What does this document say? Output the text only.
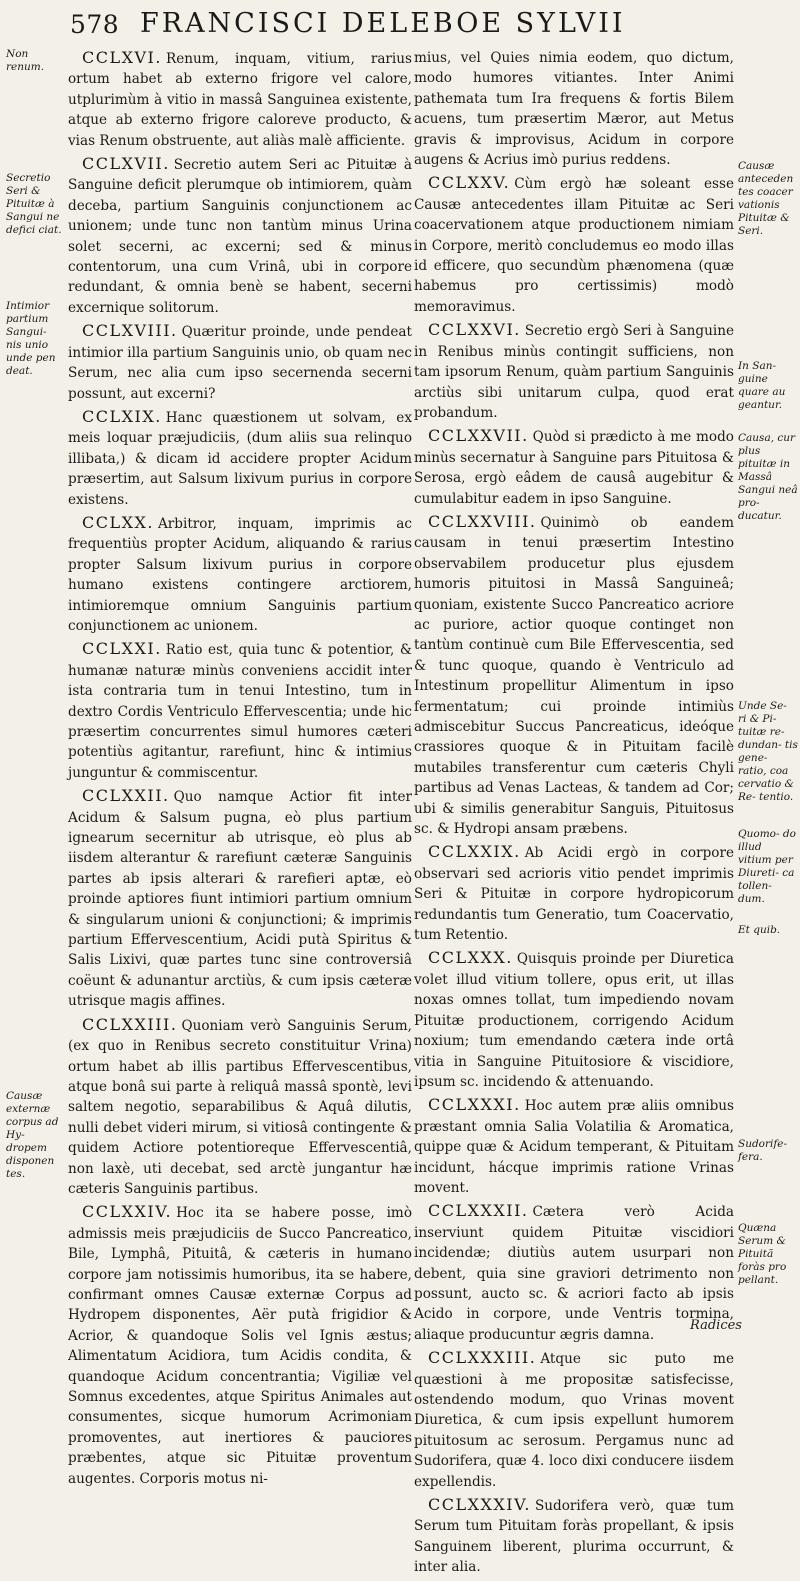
578 FRANCISCI DELEBOE SYLVII

CCLXVI. Renum, inquam, vitium, rarius ortum habet ab externo frigore vel calore, utplurimùm à vitio in massâ Sanguinea existente, atque ab externo frigore caloreve producto, & vias Renum obstruente, aut aliàs malè afficiente.

CCLXVII. Secretio autem Seri ac Pituitæ à Sanguine deficit plerumque ob intimiorem, quàm deceba, partium Sanguinis conjunctionem ac unionem; unde tunc non tantùm minus Urina solet secerni, ac excerni; sed & minus contentorum, una cum Vrinâ, ubi in corpore redundant, & omnia benè se habent, secerni excernique solitorum.

CCLXVIII. Quæritur proinde, unde pendeat intimior illa partium Sanguinis unio, ob quam nec Serum, nec alia cum ipso secernenda secerni possunt, aut excerni?

CCLXIX. Hanc quæstionem ut solvam, ex meis loquar præjudiciis, (dum aliis sua relinquo illibata,) & dicam id accidere propter Acidum præsertim, aut Salsum lixivum purius in corpore existens.

CCLXX. Arbitror, inquam, imprimis ac frequentiùs propter Acidum, aliquando & rarius propter Salsum lixivum purius in corpore humano existens contingere arctiorem, intimioremque omnium Sanguinis partium conjunctionem ac unionem.

CCLXXI. Ratio est, quia tunc & potentior, & humanæ naturæ minùs conveniens accidit inter ista contraria tum in tenui Intestino, tum in dextro Cordis Ventriculo Effervescentia; unde hic præsertim concurrentes simul humores cæteri potentiùs agitantur, rarefiunt, hinc & intimius junguntur & commiscentur.

CCLXXII. Quo namque Actior fit inter Acidum & Salsum pugna, eò plus partium ignearum secernitur ab utrisque, eò plus ab iisdem alterantur & rarefiunt cæteræ Sanguinis partes ab ipsis alterari & rarefieri aptæ, eò proinde aptiores fiunt intimiori partium omnium & singularum unioni & conjunctioni; & imprimis partium Effervescentium, Acidi putà Spiritus & Salis Lixivi, quæ partes tunc sine controversiâ coëunt & adunantur arctiùs, & cum ipsis cæteræ utrisque magis affines.

CCLXXIII. Quoniam verò Sanguinis Serum, (ex quo in Renibus secreto constituitur Vrina) ortum habet ab illis partibus Effervescentibus, atque bonâ sui parte à reliquâ massâ spontè, levi saltem negotio, separabilibus & Aquâ dilutis, nulli debet videri mirum, si vitiosâ contingente & quidem Actiore potentioreque Effervescentiâ, non laxè, uti decebat, sed arctè jungantur hæ cæteris Sanguinis partibus.

CCLXXIV. Hoc ita se habere posse, imò admissis meis præjudiciis de Succo Pancreatico, Bile, Lymphâ, Pituitâ, & cæteris in humano corpore jam notissimis humoribus, ita se habere, confirmant omnes Causæ externæ Corpus ad Hydropem disponentes, Aër putà frigidior & Acrior, & quandoque Solis vel Ignis æstus; Alimentatum Acidiora, tum Acidis condita, & quandoque Acidum concentrantia; Vigiliæ vel Somnus excedentes, atque Spiritus Animales aut consumentes, sicque humorum Acrimoniam promoventes, aut inertiores & pauciores præbentes, atque sic Pituitæ proventum augentes. Corporis motus ni-

mius, vel Quies nimia eodem, quo dictum, modo humores vitiantes. Inter Animi pathemata tum Ira frequens & fortis Bilem acuens, tum præsertim Mæror, aut Metus gravis & improvisus, Acidum in corpore augens & Acrius imò purius reddens.

CCLXXV. Cùm ergò hæ soleant esse Causæ antecedentes illam Pituitæ ac Seri coacervationem atque productionem nimiam in Corpore, meritò concludemus eo modo illas id efficere, quo secundùm phænomena (quæ habemus pro certissimis) modò memoravimus.

CCLXXVI. Secretio ergò Seri à Sanguine in Renibus minùs contingit sufficiens, non tam ipsorum Renum, quàm partium Sanguinis arctiùs sibi unitarum culpa, quod erat probandum.

CCLXXVII. Quòd si prædicto à me modo minùs secernatur à Sanguine pars Pituitosa & Serosa, ergò eâdem de causâ augebitur & cumulabitur eadem in ipso Sanguine.

CCLXXVIII. Quinimò ob eandem causam in tenui præsertim Intestino observabilem producetur plus ejusdem humoris pituitosi in Massâ Sanguineâ; quoniam, existente Succo Pancreatico acriore ac puriore, actior quoque continget non tantùm continuè cum Bile Effervescentia, sed & tunc quoque, quando è Ventriculo ad Intestinum propellitur Alimentum in ipso fermentatum; cui proinde intimiùs admiscebitur Succus Pancreaticus, ideóque crassiores quoque & in Pituitam facilè mutabiles transferentur cum cæteris Chyli partibus ad Venas Lacteas, & tandem ad Cor; ubi & similis generabitur Sanguis, Pituitosus sc. & Hydropi ansam præbens.

CCLXXIX. Ab Acidi ergò in corpore observari sed acrioris vitio pendet imprimis Seri & Pituitæ in corpore hydropicorum redundantis tum Generatio, tum Coacervatio, tum Retentio.

CCLXXX. Quisquis proinde per Diuretica volet illud vitium tollere, opus erit, ut illas noxas omnes tollat, tum impediendo novam Pituitæ productionem, corrigendo Acidum noxium; tum emendando cætera inde ortâ vitia in Sanguine Pituitosiore & viscidiore, ipsum sc. incidendo & attenuando.

CCLXXXI. Hoc autem præ aliis omnibus præstant omnia Salia Volatilia & Aromatica, quippe quæ & Acidum temperant, & Pituitam incidunt, hácque imprimis ratione Vrinas movent.

CCLXXXII. Cætera verò Acida inserviunt quidem Pituitæ viscidiori incidendæ; diutiùs autem usurpari non debent, quia sine graviori detrimento non possunt, aucto sc. & acriori facto ab ipsis Acido in corpore, unde Ventris tormina, aliaque producuntur ægris damna.

CCLXXXIII. Atque sic puto me quæstioni à me propositæ satisfecisse, ostendendo modum, quo Vrinas movent Diuretica, & cum ipsis expellunt humorem pituitosum ac serosum. Pergamus nunc ad Sudorifera, quæ 4. loco dixi conducere iisdem expellendis.

CCLXXXIV. Sudorifera verò, quæ tum Serum tum Pituitam foràs propellant, & ipsis Sanguinem liberent, plurima occurrunt, & inter alia.

Non renum.
Secretio Seri & Pituitæ à Sangui ne defici ciat.
Intimior partium Sangui- nis unio unde pen deat.
Causæ externæ corpus ad Hy- dropem disponen tes.
Causæ anteceden tes coacer vationis Pituitæ & Seri.
In San- guine quare au geantur.
Causa, cur plus pituitæ in Massâ Sangui neâ pro- ducatur.
Unde Se- ri & Pi- tuitæ re- dundan- tis gene- ratio, coa cervatio & Re- tentio.
Quomo- do illud vitium per Diureti- ca tollen- dum.
Et quib.
Sudorife- fera.
Quæna Serum & Pituitã foràs pro pellant.
Radices
